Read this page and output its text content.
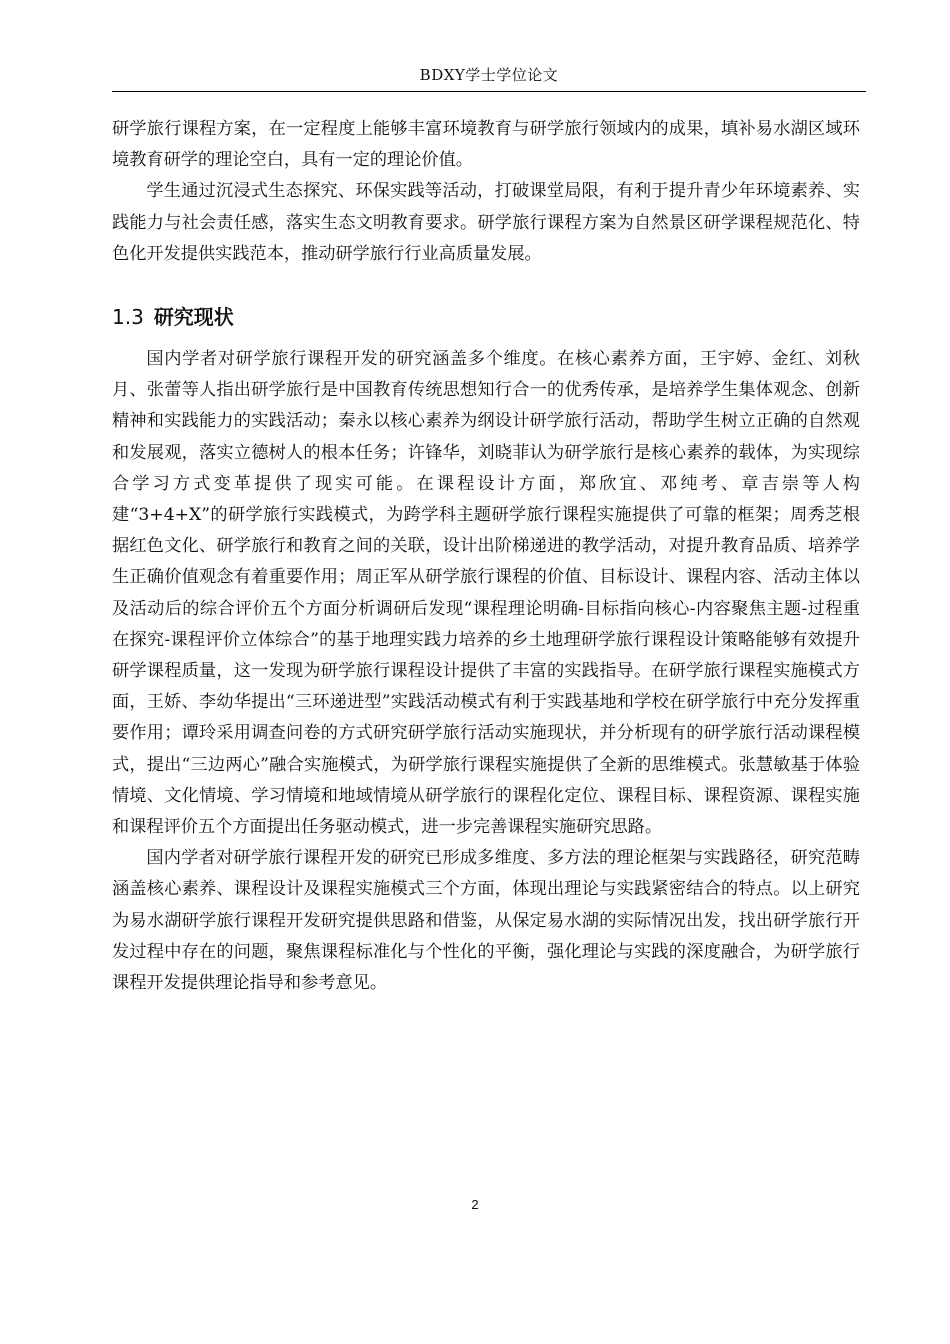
BDXY学士学位论文

研学旅行课程方案，在一定程度上能够丰富环境教育与研学旅行领域内的成果，填补易水湖区域环境教育研学的理论空白，具有一定的理论价值。

学生通过沉浸式生态探究、环保实践等活动，打破课堂局限，有利于提升青少年环境素养、实践能力与社会责任感，落实生态文明教育要求。研学旅行课程方案为自然景区研学课程规范化、特色化开发提供实践范本，推动研学旅行行业高质量发展。

1.3 研究现状

国内学者对研学旅行课程开发的研究涵盖多个维度。在核心素养方面，王宇婷、金红、刘秋月、张蕾等人指出研学旅行是中国教育传统思想知行合一的优秀传承，是培养学生集体观念、创新精神和实践能力的实践活动；秦永以核心素养为纲设计研学旅行活动，帮助学生树立正确的自然观和发展观，落实立德树人的根本任务；许锋华，刘晓菲认为研学旅行是核心素养的载体，为实现综合学习方式变革提供了现实可能。在课程设计方面，郑欣宜、邓纯考、章吉崇等人构建“3+4+X”的研学旅行实践模式，为跨学科主题研学旅行课程实施提供了可靠的框架；周秀芝根据红色文化、研学旅行和教育之间的关联，设计出阶梯递进的教学活动，对提升教育品质、培养学生正确价值观念有着重要作用；周正军从研学旅行课程的价值、目标设计、课程内容、活动主体以及活动后的综合评价五个方面分析调研后发现“课程理论明确-目标指向核心-内容聚焦主题-过程重在探究-课程评价立体综合”的基于地理实践力培养的乡土地理研学旅行课程设计策略能够有效提升研学课程质量，这一发现为研学旅行课程设计提供了丰富的实践指导。在研学旅行课程实施模式方面，王娇、李幼华提出“三环递进型”实践活动模式有利于实践基地和学校在研学旅行中充分发挥重要作用；谭玲采用调查问卷的方式研究研学旅行活动实施现状，并分析现有的研学旅行活动课程模式，提出“三边两心”融合实施模式，为研学旅行课程实施提供了全新的思维模式。张慧敏基于体验情境、文化情境、学习情境和地域情境从研学旅行的课程化定位、课程目标、课程资源、课程实施和课程评价五个方面提出任务驱动模式，进一步完善课程实施研究思路。

国内学者对研学旅行课程开发的研究已形成多维度、多方法的理论框架与实践路径，研究范畴涵盖核心素养、课程设计及课程实施模式三个方面，体现出理论与实践紧密结合的特点。以上研究为易水湖研学旅行课程开发研究提供思路和借鉴，从保定易水湖的实际情况出发，找出研学旅行开发过程中存在的问题，聚焦课程标准化与个性化的平衡，强化理论与实践的深度融合，为研学旅行课程开发提供理论指导和参考意见。

2
